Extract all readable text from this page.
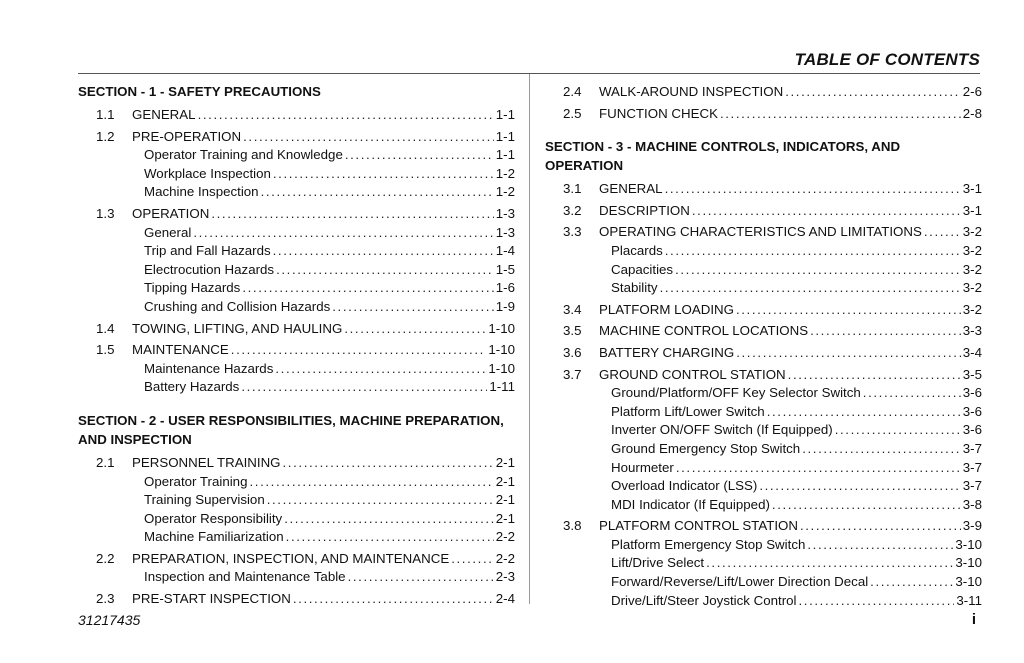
TABLE OF CONTENTS
SECTION - 1 - SAFETY PRECAUTIONS
1.1	GENERAL .....	1-1
1.2	PRE-OPERATION .....	1-1
Operator Training and Knowledge .....	1-1
Workplace Inspection .....	1-2
Machine Inspection .....	1-2
1.3	OPERATION .....	1-3
General .....	1-3
Trip and Fall Hazards .....	1-4
Electrocution Hazards .....	1-5
Tipping Hazards .....	1-6
Crushing and Collision Hazards .....	1-9
1.4	TOWING, LIFTING, AND HAULING .....	1-10
1.5	MAINTENANCE .....	1-10
Maintenance Hazards .....	1-10
Battery Hazards .....	1-11
SECTION - 2 - USER RESPONSIBILITIES, MACHINE PREPARATION,
AND INSPECTION
2.1	PERSONNEL TRAINING .....	2-1
Operator Training .....	2-1
Training Supervision .....	2-1
Operator Responsibility .....	2-1
Machine Familiarization .....	2-2
2.2	PREPARATION, INSPECTION, AND MAINTENANCE .....	2-2
Inspection and Maintenance Table .....	2-3
2.3	PRE-START INSPECTION .....	2-4
2.4	WALK-AROUND INSPECTION .....	2-6
2.5	FUNCTION CHECK .....	2-8
SECTION - 3 - MACHINE CONTROLS, INDICATORS, AND
OPERATION
3.1	GENERAL .....	3-1
3.2	DESCRIPTION .....	3-1
3.3	OPERATING CHARACTERISTICS AND LIMITATIONS .....	3-2
Placards .....	3-2
Capacities .....	3-2
Stability .....	3-2
3.4	PLATFORM LOADING .....	3-2
3.5	MACHINE CONTROL LOCATIONS .....	3-3
3.6	BATTERY CHARGING .....	3-4
3.7	GROUND CONTROL STATION .....	3-5
Ground/Platform/OFF Key Selector Switch .....	3-6
Platform Lift/Lower Switch .....	3-6
Inverter ON/OFF Switch (If Equipped) .....	3-6
Ground Emergency Stop Switch .....	3-7
Hourmeter .....	3-7
Overload Indicator (LSS) .....	3-7
MDI Indicator (If Equipped) .....	3-8
3.8	PLATFORM CONTROL STATION .....	3-9
Platform Emergency Stop Switch .....	3-10
Lift/Drive Select .....	3-10
Forward/Reverse/Lift/Lower Direction Decal .....	3-10
Drive/Lift/Steer Joystick Control .....	3-11
31217435	i
